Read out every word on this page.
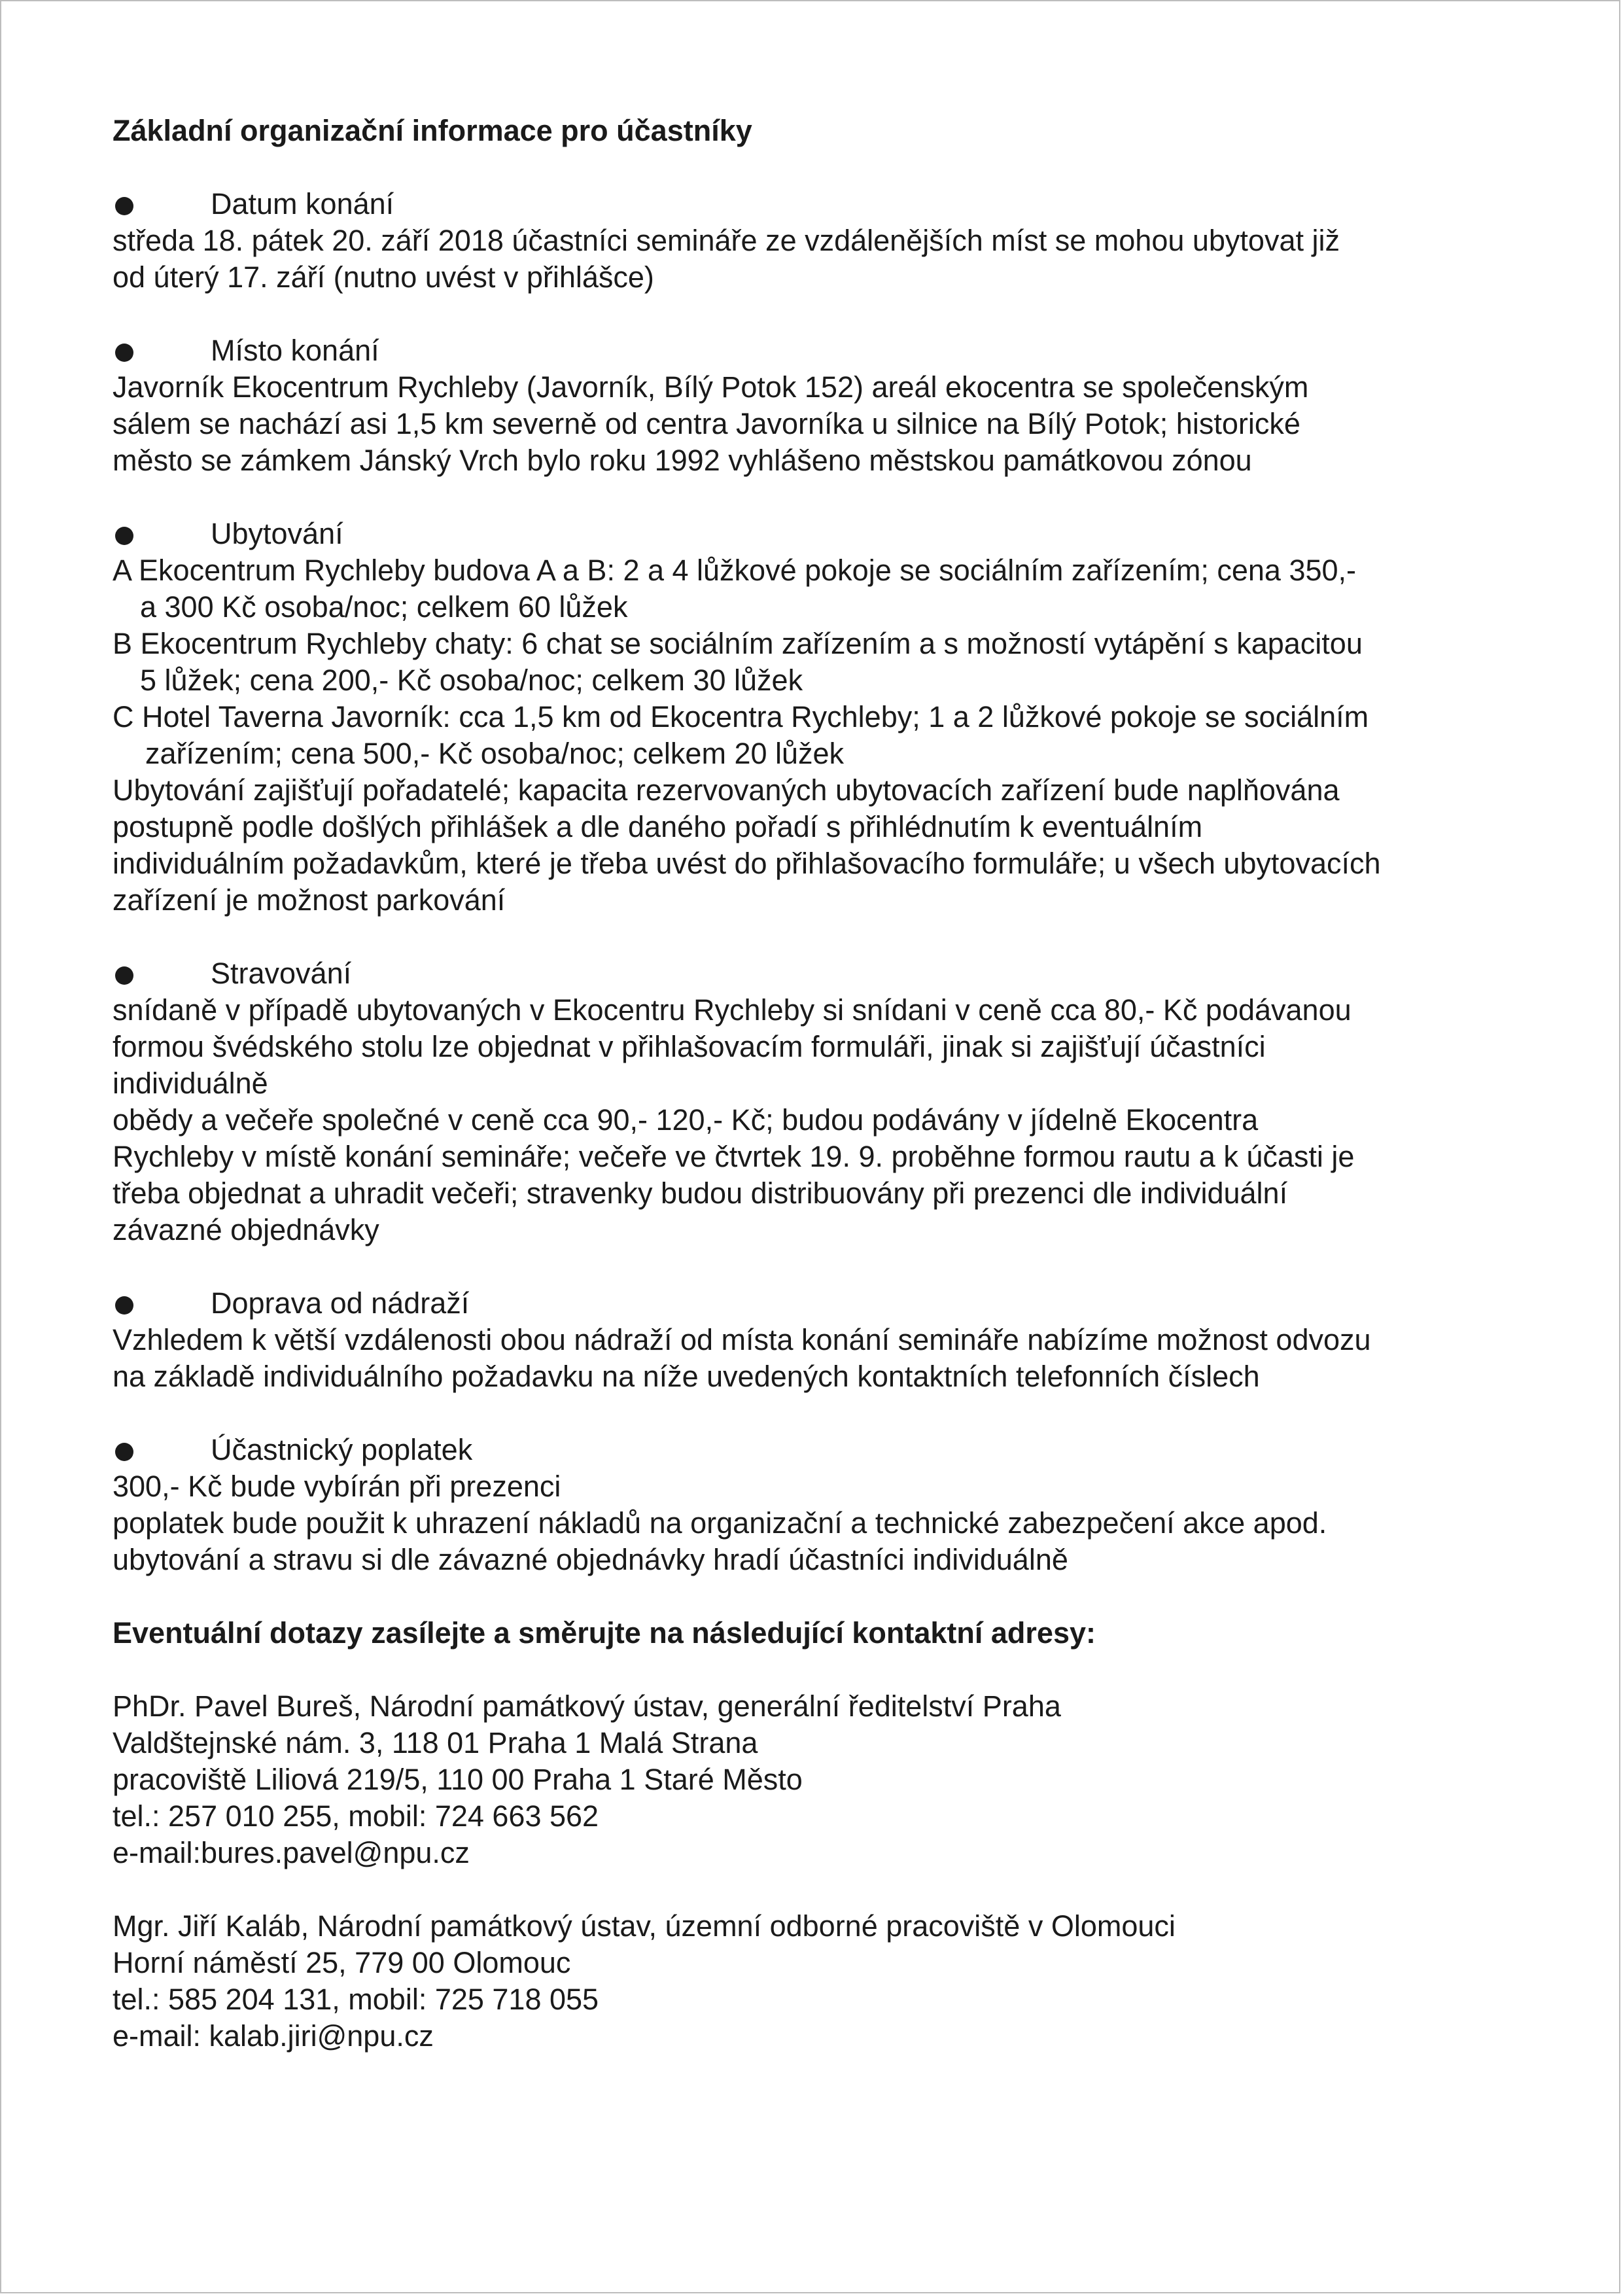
Základní organizační informace pro účastníky
Datum konání
středa 18. pátek 20. září 2018 účastníci semináře ze vzdálenějších míst se mohou ubytovat již
od úterý 17. září (nutno uvést v přihlášce)
Místo konání
Javorník Ekocentrum Rychleby (Javorník, Bílý Potok 152) areál ekocentra se společenským
sálem se nachází asi 1,5 km severně od centra Javorníka u silnice na Bílý Potok; historické
město se zámkem Jánský Vrch bylo roku 1992 vyhlášeno městskou památkovou zónou
Ubytování
A Ekocentrum Rychleby budova A a B: 2 a 4 lůžkové pokoje se sociálním zařízením; cena 350,-
a 300 Kč osoba/noc; celkem 60 lůžek
B Ekocentrum Rychleby chaty: 6 chat se sociálním zařízením a s možností vytápění s kapacitou
5 lůžek; cena 200,- Kč osoba/noc; celkem 30 lůžek
C Hotel Taverna Javorník: cca 1,5 km od Ekocentra Rychleby; 1 a 2 lůžkové pokoje se sociálním
zařízením; cena 500,- Kč osoba/noc; celkem 20 lůžek
Ubytování zajišťují pořadatelé; kapacita rezervovaných ubytovacích zařízení bude naplňována
postupně podle došlých přihlášek a dle daného pořadí s přihlédnutím k eventuálním
individuálním požadavkům, které je třeba uvést do přihlašovacího formuláře; u všech ubytovacích
zařízení je možnost parkování
Stravování
snídaně v případě ubytovaných v Ekocentru Rychleby si snídani v ceně cca 80,- Kč podávanou
formou švédského stolu lze objednat v přihlašovacím formuláři, jinak si zajišťují účastníci
individuálně
obědy a večeře společné v ceně cca 90,- 120,- Kč; budou podávány v jídelně Ekocentra
Rychleby v místě konání semináře; večeře ve čtvrtek 19. 9. proběhne formou rautu a k účasti je
třeba objednat a uhradit večeři; stravenky budou distribuovány při prezenci dle individuální
závazné objednávky
Doprava od nádraží
Vzhledem k větší vzdálenosti obou nádraží od místa konání semináře nabízíme možnost odvozu
na základě individuálního požadavku na níže uvedených kontaktních telefonních číslech
Účastnický poplatek
300,- Kč bude vybírán při prezenci
poplatek bude použit k uhrazení nákladů na organizační a technické zabezpečení akce apod.
ubytování a stravu si dle závazné objednávky hradí účastníci individuálně
Eventuální dotazy zasílejte a směrujte na následující kontaktní adresy:
PhDr. Pavel Bureš, Národní památkový ústav, generální ředitelství Praha
Valdštejnské nám. 3, 118 01 Praha 1 Malá Strana
pracoviště Liliová 219/5, 110 00 Praha 1 Staré Město
tel.: 257 010 255, mobil: 724 663 562
e-mail:bures.pavel@npu.cz
Mgr. Jiří Kaláb, Národní památkový ústav, územní odborné pracoviště v Olomouci
Horní náměstí 25, 779 00 Olomouc
tel.: 585 204 131, mobil: 725 718 055
e-mail: kalab.jiri@npu.cz
